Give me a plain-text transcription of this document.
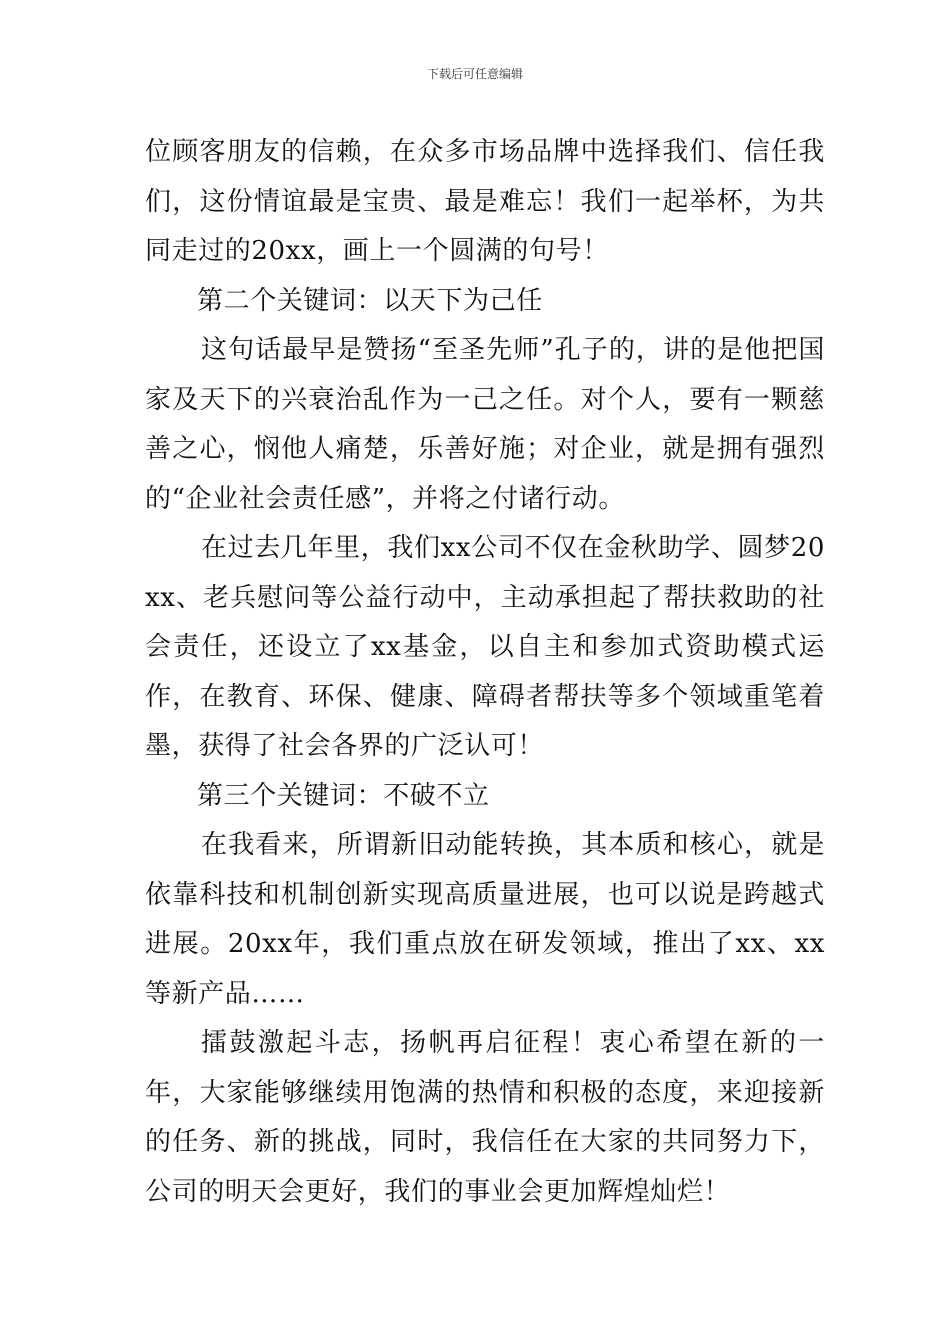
下载后可任意编辑

位顾客朋友的信赖，在众多市场品牌中选择我们、信任我们，这份情谊最是宝贵、最是难忘！我们一起举杯，为共同走过的20xx，画上一个圆满的句号！

第二个关键词：以天下为己任

这句话最早是赞扬“至圣先师”孔子的，讲的是他把国家及天下的兴衰治乱作为一己之任。对个人，要有一颗慈善之心，悯他人痛楚，乐善好施；对企业，就是拥有强烈的“企业社会责任感”，并将之付诸行动。

在过去几年里，我们xx公司不仅在金秋助学、圆梦20xx、老兵慰问等公益行动中，主动承担起了帮扶救助的社会责任，还设立了xx基金，以自主和参加式资助模式运作，在教育、环保、健康、障碍者帮扶等多个领域重笔着墨，获得了社会各界的广泛认可！

第三个关键词：不破不立

在我看来，所谓新旧动能转换，其本质和核心，就是依靠科技和机制创新实现高质量进展，也可以说是跨越式进展。20xx年，我们重点放在研发领域，推出了xx、xx等新产品……

擂鼓激起斗志，扬帆再启征程！衷心希望在新的一年，大家能够继续用饱满的热情和积极的态度，来迎接新的任务、新的挑战，同时，我信任在大家的共同努力下，公司的明天会更好，我们的事业会更加辉煌灿烂！
